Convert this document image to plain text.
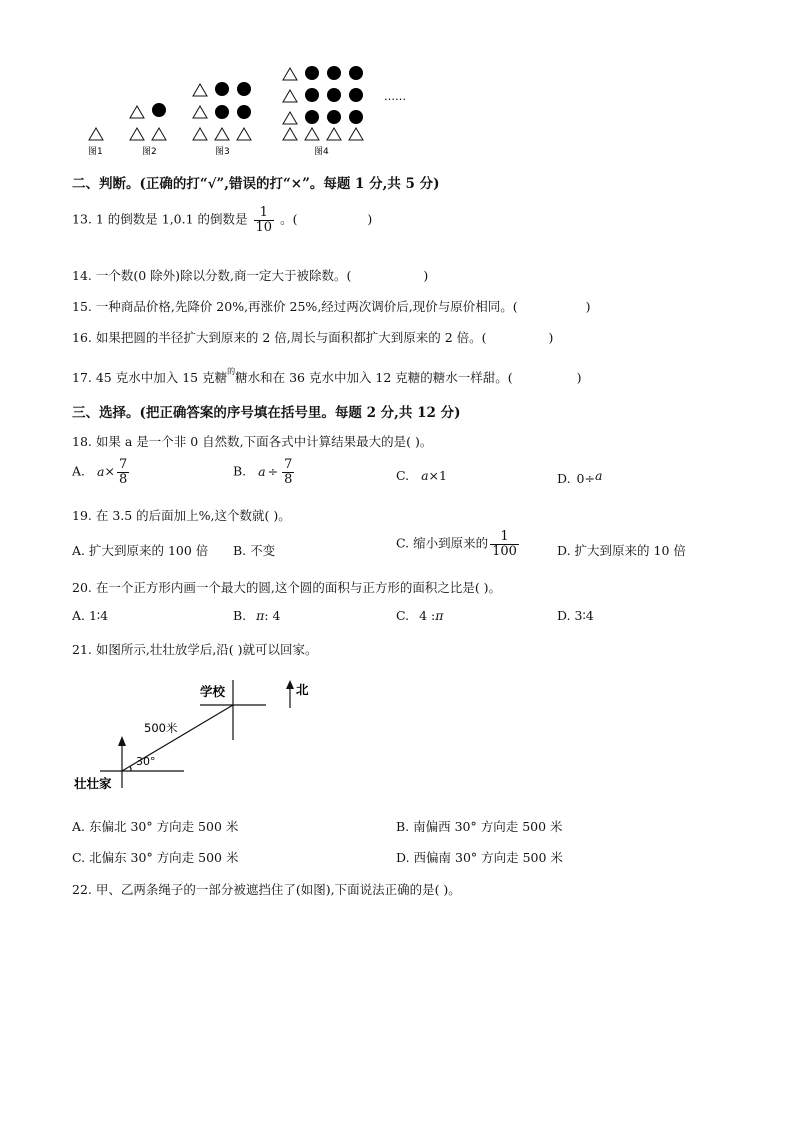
图1	图2	图3	图4
……
二、判断。(正确的打“√”,错误的打“×”。每题 1 分,共 5 分)
13. 1 的倒数是 1,0.1 的倒数是 $\frac{1}{10}$ 。(	)
14. 一个数(0 除外)除以分数,商一定大于被除数。(	)
15. 一种商品价格,先降价 20%,再涨价 25%,经过两次调价后,现价与原价相同。(	)
16. 如果把圆的半径扩大到原来的 2 倍,周长与面积都扩大到原来的 2 倍。(	)
17. 45 克水中加入 15 克糖$^的$糖水和在 36 克水中加入 12 克糖的糖水一样甜。(	)
三、选择。(把正确答案的序号填在括号里。每题 2 分,共 12 分)
18. 如果 a 是一个非 0 自然数,下面各式中计算结果最大的是( )。
A. $a\times \frac{7}{8}$	B. $a \div \frac{7}{8}$	C. a×1	D. 0÷a
19. 在 3.5 的后面加上%,这个数就( )。
A. 扩大到原来的 100 倍 B. 不变	C. 缩小到原来的 $\frac{1}{100}$	D. 扩大到原来的 10 倍
20. 在一个正方形内画一个最大的圆,这个圆的面积与正方形的面积之比是( )。
A. 1∶4	B. π: 4	C. 4 :π	D. 3∶4
21. 如图所示,壮壮放学后,沿( )就可以回家。
学校	北
500米
30°
壮壮家
A. 东偏北 30° 方向走 500 米	B. 南偏西 30° 方向走 500 米
C. 北偏东 30° 方向走 500 米	D. 西偏南 30° 方向走 500 米
22. 甲、乙两条绳子的一部分被遮挡住了(如图),下面说法正确的是( )。
